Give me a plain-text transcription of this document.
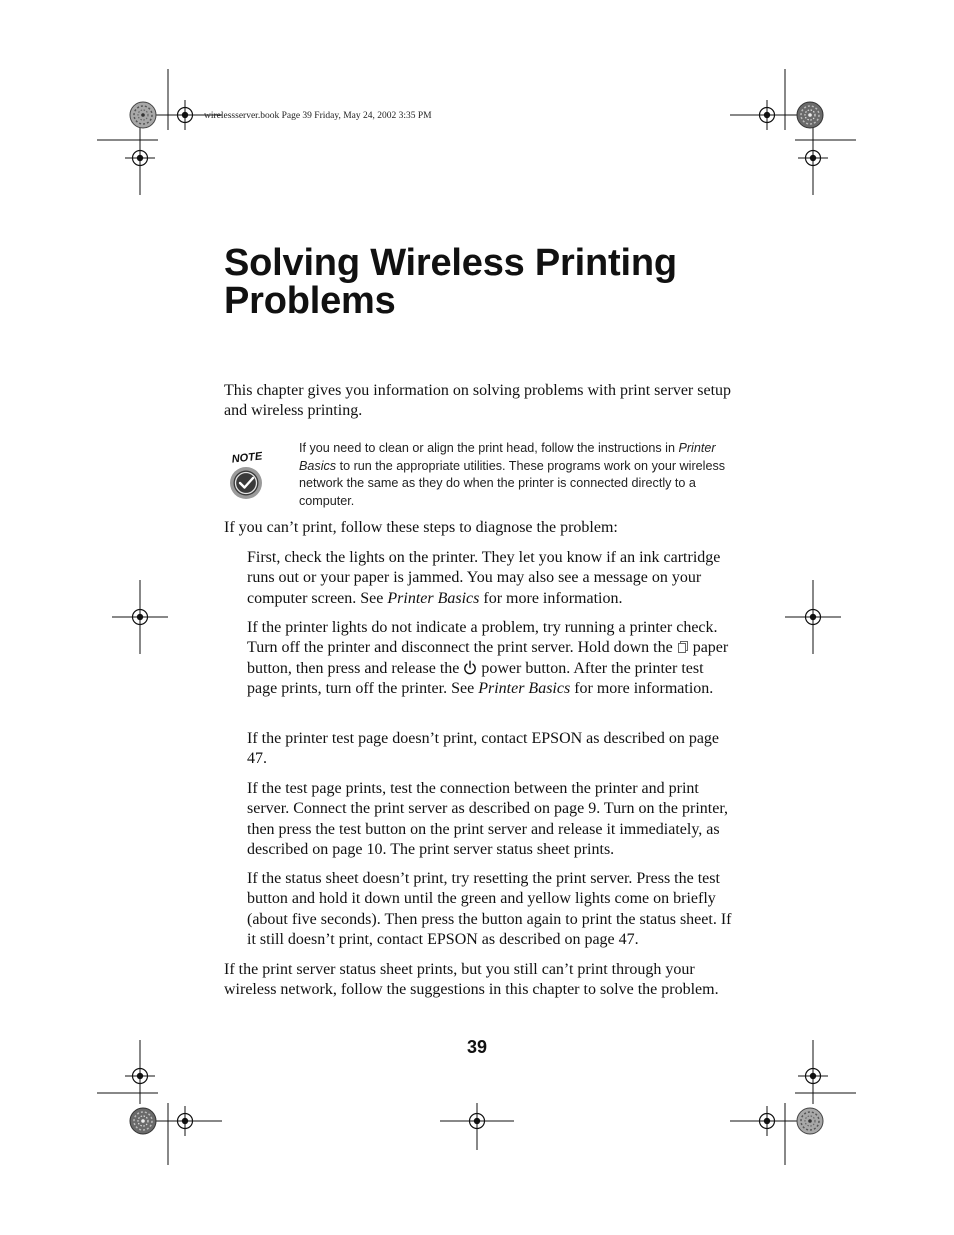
wirelessserver.book Page 39 Friday, May 24, 2002 3:35 PM
Solving Wireless Printing
Problems

This chapter gives you information on solving problems with print server setup and wireless printing.

NOTE

If you need to clean or align the print head, follow the instructions in Printer Basics to run the appropriate utilities. These programs work on your wireless network the same as they do when the printer is connected directly to a computer.

If you can’t print, follow these steps to diagnose the problem:

First, check the lights on the printer. They let you know if an ink cartridge runs out or your paper is jammed. You may also see a message on your computer screen. See Printer Basics for more information.

If the printer lights do not indicate a problem, try running a printer check. Turn off the printer and disconnect the print server. Hold down the  paper button, then press and release the  power button. After the printer test page prints, turn off the printer. See Printer Basics for more information.

If the printer test page doesn’t print, contact EPSON as described on page 47.

If the test page prints, test the connection between the printer and print server. Connect the print server as described on page 9. Turn on the printer, then press the test button on the print server and release it immediately, as described on page 10. The print server status sheet prints.

If the status sheet doesn’t print, try resetting the print server. Press the test button and hold it down until the green and yellow lights come on briefly (about five seconds). Then press the button again to print the status sheet. If it still doesn’t print, contact EPSON as described on page 47.

If the print server status sheet prints, but you still can’t print through your wireless network, follow the suggestions in this chapter to solve the problem.

39
